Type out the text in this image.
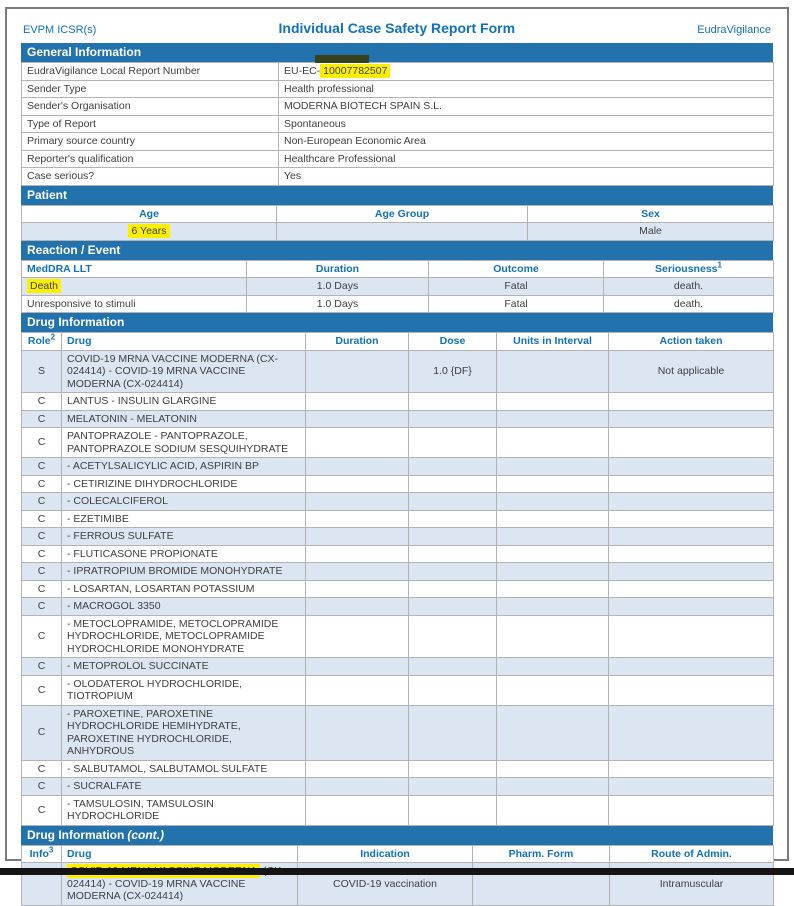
EVPM ICSR(s)	Individual Case Safety Report Form	EudraVigilance
General Information
EudraVigilance Local Report Number	EU-EC- 10007782507
Sender Type	Health professional
Sender's Organisation	MODERNA BIOTECH SPAIN S.L.
Type of Report	Spontaneous
Primary source country	Non-European Economic Area
Reporter's qualification	Healthcare Professional
Case serious?	Yes
Patient
Age	Age Group	Sex
6 Years		Male
Reaction / Event
MedDRA LLT	Duration	Outcome	Seriousness$^1$
Death	1.0 Days	Fatal	death.
Unresponsive to stimuli	1.0 Days	Fatal	death.
Drug Information
Role$^2$	Drug	Duration	Dose	Units in Interval	Action taken
S	COVID-19 MRNA VACCINE MODERNA (CX-024414) - COVID-19 MRNA VACCINE MODERNA (CX-024414)		1.0 {DF}		Not applicable
C	LANTUS - INSULIN GLARGINE				
C	MELATONIN - MELATONIN				
C	PANTOPRAZOLE - PANTOPRAZOLE, PANTOPRAZOLE SODIUM SESQUIHYDRATE				
C	- ACETYLSALICYLIC ACID, ASPIRIN BP				
C	- CETIRIZINE DIHYDROCHLORIDE				
C	- COLECALCIFEROL				
C	- EZETIMIBE				
C	- FERROUS SULFATE				
C	- FLUTICASONE PROPIONATE				
C	- IPRATROPIUM BROMIDE MONOHYDRATE				
C	- LOSARTAN, LOSARTAN POTASSIUM				
C	- MACROGOL 3350				
C	- METOCLOPRAMIDE, METOCLOPRAMIDE HYDROCHLORIDE, METOCLOPRAMIDE HYDROCHLORIDE MONOHYDRATE				
C	- METOPROLOL SUCCINATE				
C	- OLODATEROL HYDROCHLORIDE, TIOTROPIUM				
C	- PAROXETINE, PAROXETINE HYDROCHLORIDE HEMIHYDRATE, PAROXETINE HYDROCHLORIDE, ANHYDROUS				
C	- SALBUTAMOL, SALBUTAMOL SULFATE				
C	- SUCRALFATE				
C	- TAMSULOSIN, TAMSULOSIN HYDROCHLORIDE				
Drug Information (cont.)
Info$^3$	Drug	Indication	Pharm. Form	Route of Admin.
	024414) - COVID-19 MRNA VACCINE MODERNA (CX-024414)	COVID-19 vaccination		Intramuscular
